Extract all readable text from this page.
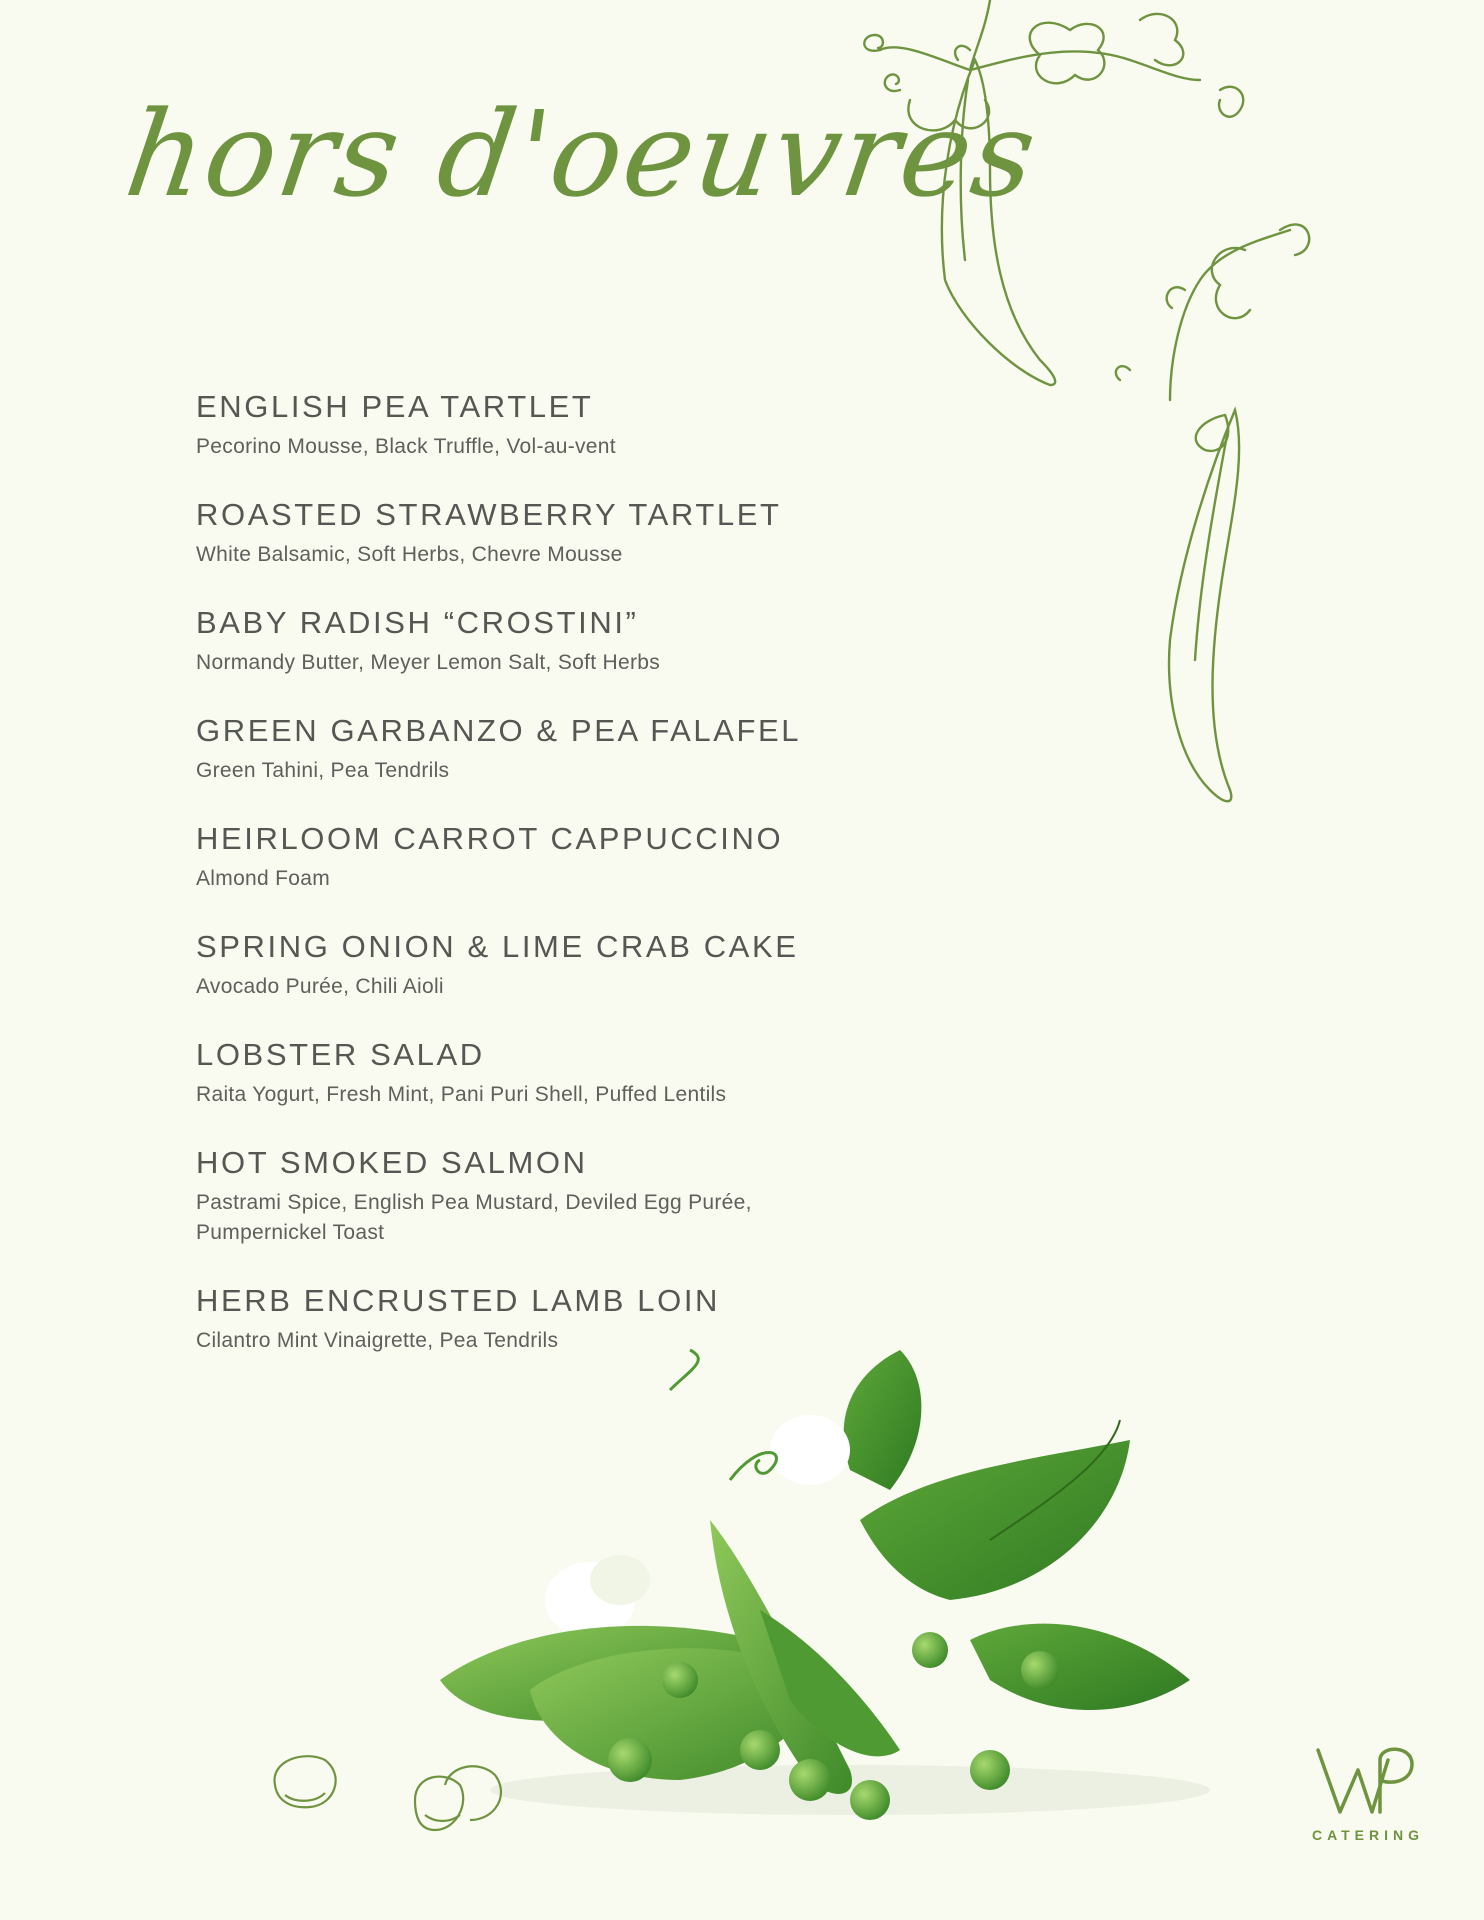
hors d'oeuvres
ENGLISH PEA TARTLET
Pecorino Mousse, Black Truffle, Vol-au-vent
ROASTED STRAWBERRY TARTLET
White Balsamic, Soft Herbs, Chevre Mousse
BABY RADISH “CROSTINI”
Normandy Butter, Meyer Lemon Salt, Soft Herbs
GREEN GARBANZO & PEA FALAFEL
Green Tahini, Pea Tendrils
HEIRLOOM CARROT CAPPUCCINO
Almond Foam
SPRING ONION & LIME CRAB CAKE
Avocado Purée, Chili Aioli
LOBSTER SALAD
Raita Yogurt, Fresh Mint, Pani Puri Shell, Puffed Lentils
HOT SMOKED SALMON
Pastrami Spice, English Pea Mustard, Deviled Egg Purée,
Pumpernickel Toast
HERB ENCRUSTED LAMB LOIN
Cilantro Mint Vinaigrette, Pea Tendrils
CATERING
